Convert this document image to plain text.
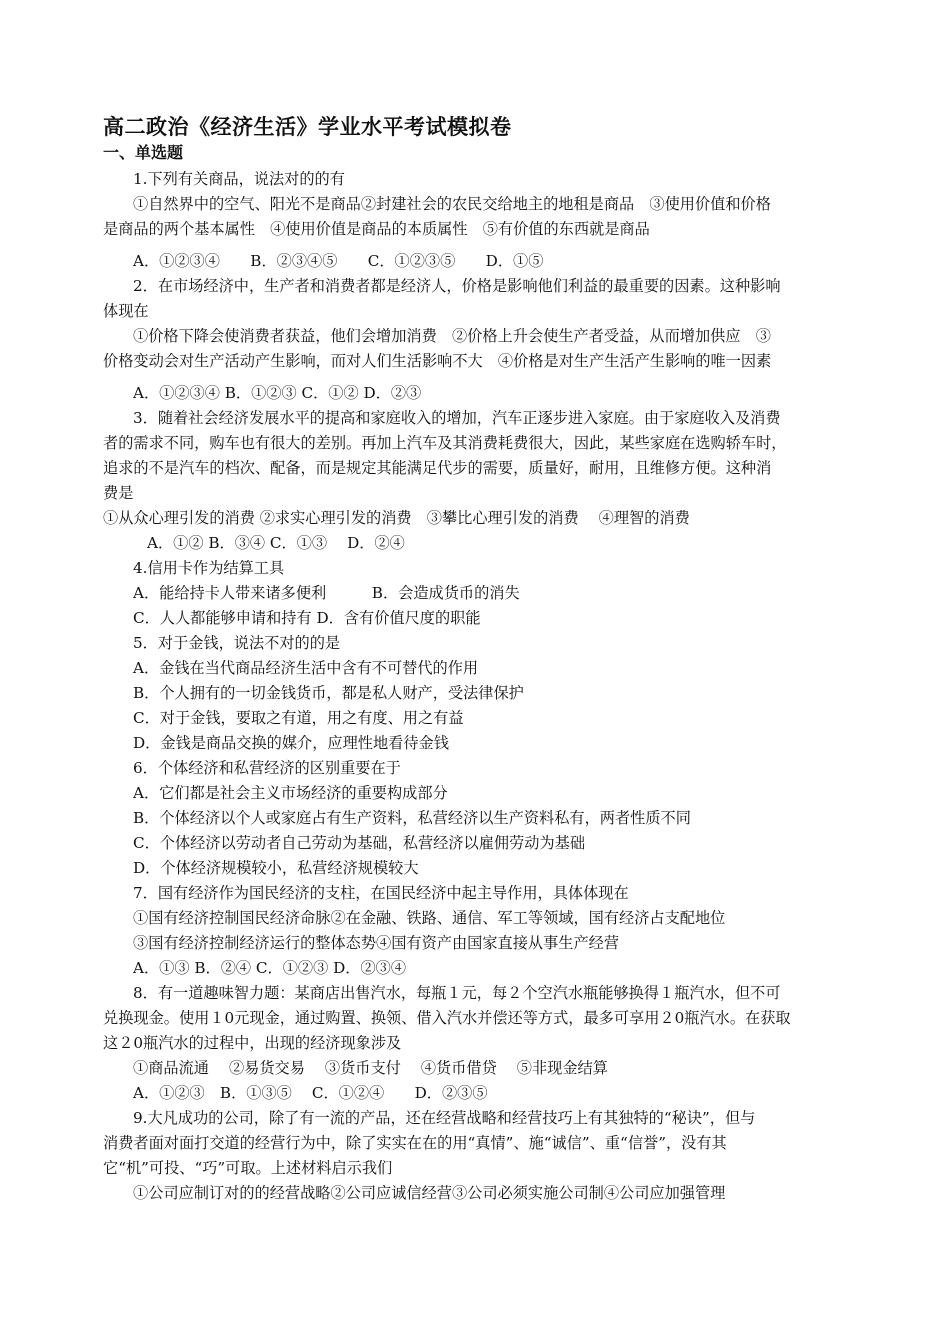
高二政治《经济生活》学业水平考试模拟卷
一、单选题

1.下列有关商品，说法对的的有

①自然界中的空气、阳光不是商品②封建社会的农民交给地主的地租是商品　③使用价值和价格

是商品的两个基本属性　④使用价值是商品的本质属性　⑤有价值的东西就是商品

A．①②③④　　B．②③④⑤　　C．①②③⑤　　D．①⑤

2．在市场经济中，生产者和消费者都是经济人，价格是影响他们利益的最重要的因素。这种影响

体现在

①价格下降会使消费者获益，他们会增加消费　②价格上升会使生产者受益，从而增加供应　③

价格变动会对生产活动产生影响，而对人们生活影响不大　④价格是对生产生活产生影响的唯一因素

A．①②③④ B．①②③ C．①② D．②③

3．随着社会经济发展水平的提高和家庭收入的增加，汽车正逐步进入家庭。由于家庭收入及消费

者的需求不同，购车也有很大的差别。再加上汽车及其消费耗费很大，因此，某些家庭在选购轿车时，

追求的不是汽车的档次、配备，而是规定其能满足代步的需要，质量好，耐用，且维修方便。这种消

费是

①从众心理引发的消费 ②求实心理引发的消费　③攀比心理引发的消费　 ④理智的消费

A．①② B．③④ C．①③　 D．②④

4.信用卡作为结算工具

A．能给持卡人带来诸多便利　　　B．会造成货币的消失

C．人人都能够申请和持有 D．含有价值尺度的职能

5．对于金钱，说法不对的的是

A．金钱在当代商品经济生活中含有不可替代的作用

B．个人拥有的一切金钱货币，都是私人财产，受法律保护

C．对于金钱，要取之有道，用之有度、用之有益

D．金钱是商品交换的媒介，应理性地看待金钱

6．个体经济和私营经济的区别重要在于

A．它们都是社会主义市场经济的重要构成部分

B．个体经济以个人或家庭占有生产资料，私营经济以生产资料私有，两者性质不同

C．个体经济以劳动者自己劳动为基础，私营经济以雇佣劳动为基础

D．个体经济规模较小，私营经济规模较大

7．国有经济作为国民经济的支柱，在国民经济中起主导作用，具体体现在

①国有经济控制国民经济命脉②在金融、铁路、通信、军工等领域，国有经济占支配地位

③国有经济控制经济运行的整体态势④国有资产由国家直接从事生产经营

A．①③ B．②④ C．①②③ D．②③④

8．有一道趣味智力题：某商店出售汽水，每瓶１元，每２个空汽水瓶能够换得１瓶汽水，但不可

兑换现金。使用１0元现金，通过购置、换领、借入汽水并偿还等方式，最多可享用２0瓶汽水。在获取

这２0瓶汽水的过程中，出现的经济现象涉及

①商品流通　 ②易货交易　 ③货币支付　 ④货币借贷　 ⑤非现金结算

A．①②③　B．①③⑤　 C．①②④　　D．②③⑤

9.大凡成功的公司，除了有一流的产品，还在经营战略和经营技巧上有其独特的“秘诀”，但与

消费者面对面打交道的经营行为中，除了实实在在的用“真情”、施“诚信”、重“信誉”，没有其

它“机”可投、“巧”可取。上述材料启示我们

①公司应制订对的的经营战略②公司应诚信经营③公司必须实施公司制④公司应加强管理
